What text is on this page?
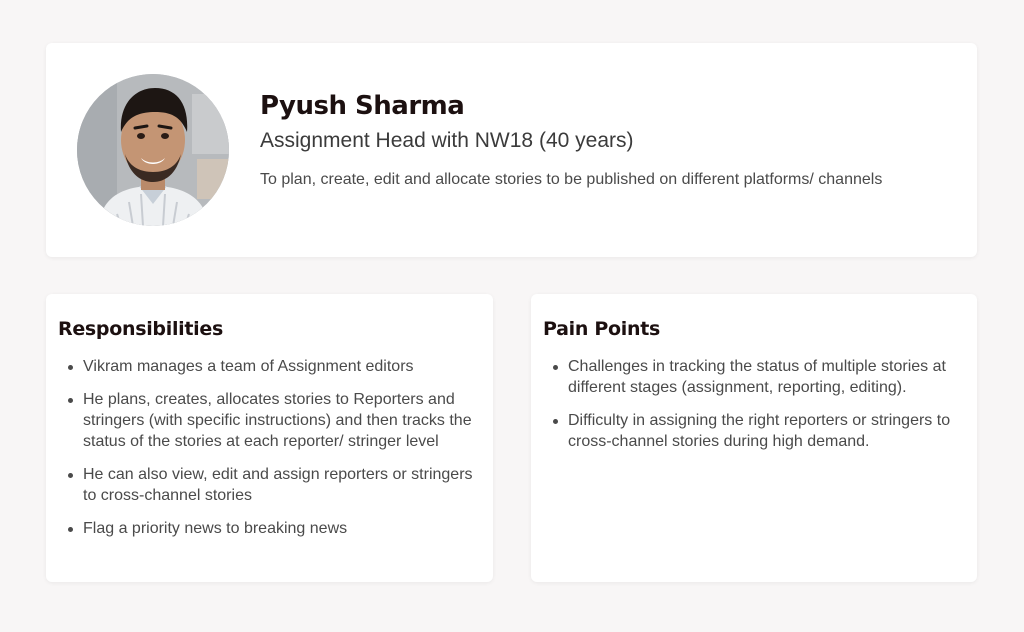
Pyush Sharma
Assignment Head with NW18 (40 years)
To plan, create, edit and allocate stories to be published on different platforms/ channels
Responsibilities
Vikram manages a team of Assignment editors
He plans, creates, allocates stories to Reporters and stringers (with specific instructions) and then tracks the status of the stories at each reporter/ stringer level
He can also view, edit and assign reporters or stringers to cross-channel stories
Flag a priority news to breaking news
Pain Points
Challenges in tracking the status of multiple stories at different stages (assignment, reporting, editing).
Difficulty in assigning the right reporters or stringers to cross-channel stories during high demand.
